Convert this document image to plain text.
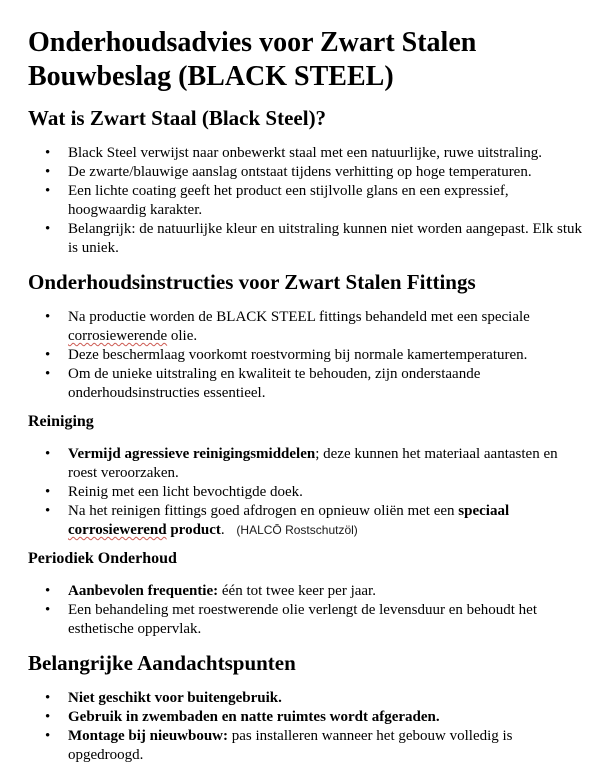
Onderhoudsadvies voor Zwart Stalen Bouwbeslag (BLACK STEEL)
Wat is Zwart Staal (Black Steel)?
• Black Steel verwijst naar onbewerkt staal met een natuurlijke, ruwe uitstraling.
• De zwarte/blauwige aanslag ontstaat tijdens verhitting op hoge temperaturen.
• Een lichte coating geeft het product een stijlvolle glans en een expressief, hoogwaardig karakter.
• Belangrijk: de natuurlijke kleur en uitstraling kunnen niet worden aangepast. Elk stuk is uniek.
Onderhoudsinstructies voor Zwart Stalen Fittings
• Na productie worden de BLACK STEEL fittings behandeld met een speciale corrosiewerende olie.
• Deze beschermlaag voorkomt roestvorming bij normale kamertemperaturen.
• Om de unieke uitstraling en kwaliteit te behouden, zijn onderstaande onderhoudsinstructies essentieel.
Reiniging
• Vermijd agressieve reinigingsmiddelen; deze kunnen het materiaal aantasten en roest veroorzaken.
• Reinig met een licht bevochtigde doek.
• Na het reinigen fittings goed afdrogen en opnieuw oliën met een speciaal corrosiewerend product. (HALCŌ Rostschutzöl)
Periodiek Onderhoud
• Aanbevolen frequentie: één tot twee keer per jaar.
• Een behandeling met roestwerende olie verlengt de levensduur en behoudt het esthetische oppervlak.
Belangrijke Aandachtspunten
• Niet geschikt voor buitengebruik.
• Gebruik in zwembaden en natte ruimtes wordt afgeraden.
• Montage bij nieuwbouw: pas installeren wanneer het gebouw volledig is opgedroogd.
